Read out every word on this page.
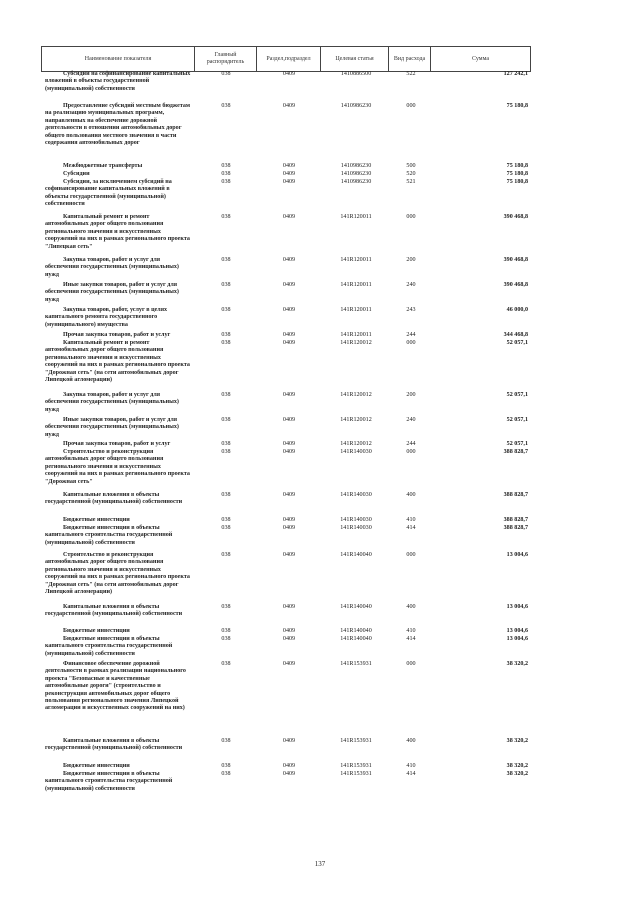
Наименование показателя	Главный распорядитель	Раздел,подраздел	Целевая статья	Вид расхода	Сумма
Субсидии на софинансирование капитальных вложений в объекты государственной (муниципальной) собственности
038	0409	1410886500	522	127 242,1
Предоставление субсидий местным бюджетам на реализацию муниципальных программ, направленных на обеспечение дорожной деятельности в отношении автомобильных дорог общего пользования местного значения в части содержания автомобильных дорог
038	0409	1410986230	000	75 180,8
Межбюджетные трансферты	038	0409	1410986230	500	75 180,8
Субсидии	038	0409	1410986230	520	75 180,8
Субсидии, за исключением субсидий на софинансирование капитальных вложений в объекты государственной (муниципальной) собственности
038	0409	1410986230	521	75 180,8
Капитальный ремонт и ремонт автомобильных дорог общего пользования регионального значения и искусственных сооружений на них в рамках регионального проекта "Липецкая сеть"
038	0409	141R120011	000	390 468,8
Закупка товаров, работ и услуг для обеспечения государственных (муниципальных) нужд
038	0409	141R120011	200	390 468,8
Иные закупки товаров, работ и услуг для обеспечения государственных (муниципальных) нужд
038	0409	141R120011	240	390 468,8
Закупка товаров, работ, услуг в целях капитального ремонта государственного (муниципального) имущества
038	0409	141R120011	243	46 000,0
Прочая закупка товаров, работ и услуг	038	0409	141R120011	244	344 468,8
Капитальный ремонт и ремонт автомобильных дорог общего пользования регионального значения и искусственных сооружений на них в рамках регионального проекта "Дорожная сеть" (на сети автомобильных дорог Липецкой агломерации)
038	0409	141R120012	000	52 057,1
Закупка товаров, работ и услуг для обеспечения государственных (муниципальных) нужд
038	0409	141R120012	200	52 057,1
Иные закупки товаров, работ и услуг для обеспечения государственных (муниципальных) нужд
038	0409	141R120012	240	52 057,1
Прочая закупка товаров, работ и услуг	038	0409	141R120012	244	52 057,1
Строительство и реконструкция автомобильных дорог общего пользования регионального значения и искусственных сооружений на них в рамках регионального проекта "Дорожная сеть"
038	0409	141R140030	000	388 828,7
Капитальные вложения в объекты государственной (муниципальной) собственности
038	0409	141R140030	400	388 828,7
Бюджетные инвестиции	038	0409	141R140030	410	388 828,7
Бюджетные инвестиции в объекты капитального строительства государственной (муниципальной) собственности
038	0409	141R140030	414	388 828,7
Строительство и реконструкция автомобильных дорог общего пользования регионального значения и искусственных сооружений на них в рамках регионального проекта "Дорожная сеть" (на сети автомобильных дорог Липецкой агломерации)
038	0409	141R140040	000	13 004,6
Капитальные вложения в объекты государственной (муниципальной) собственности
038	0409	141R140040	400	13 004,6
Бюджетные инвестиции	038	0409	141R140040	410	13 004,6
Бюджетные инвестиции в объекты капитального строительства государственной (муниципальной) собственности
038	0409	141R140040	414	13 004,6
Финансовое обеспечение дорожной деятельности в рамках реализации национального проекта "Безопасные и качественные автомобильные дороги" (строительство и реконструкция автомобильных дорог общего пользования регионального значения Липецкой агломерации и искусственных сооружений на них)
038	0409	141R153931	000	38 320,2
Капитальные вложения в объекты государственной (муниципальной) собственности
038	0409	141R153931	400	38 320,2
Бюджетные инвестиции	038	0409	141R153931	410	38 320,2
Бюджетные инвестиции в объекты капитального строительства государственной (муниципальной) собственности
038	0409	141R153931	414	38 320,2
137
